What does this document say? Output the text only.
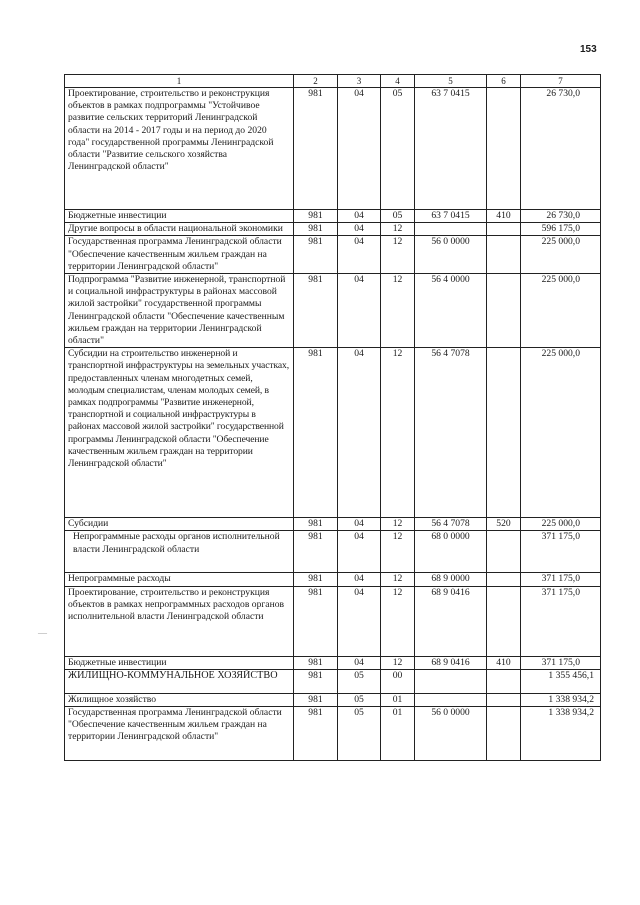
153
—
1	2	3	4	5	6	7
Проектирование, строительство и реконструкция объектов в рамках подпрограммы "Устойчивое развитие сельских территорий Ленинградской области на 2014 - 2017 годы и на период до 2020 года" государственной программы Ленинградской области "Развитие сельского хозяйства Ленинградской области"	981	04	05	63 7 0415		26 730,0
Бюджетные инвестиции	981	04	05	63 7 0415	410	26 730,0
Другие вопросы в области национальной экономики	981	04	12			596 175,0
Государственная программа Ленинградской области "Обеспечение качественным жильем граждан на территории Ленинградской области"	981	04	12	56 0 0000		225 000,0
Подпрограмма "Развитие инженерной, транспортной и социальной инфраструктуры в районах массовой жилой застройки" государственной программы Ленинградской области "Обеспечение качественным жильем граждан на территории Ленинградской области"	981	04	12	56 4 0000		225 000,0
Субсидии на строительство инженерной и транспортной инфраструктуры на земельных участках, предоставленных членам многодетных семей, молодым специалистам, членам молодых семей, в рамках подпрограммы "Развитие инженерной, транспортной и социальной инфраструктуры в районах массовой жилой застройки" государственной программы Ленинградской области "Обеспечение качественным жильем граждан на территории Ленинградской области"	981	04	12	56 4 7078		225 000,0
Субсидии	981	04	12	56 4 7078	520	225 000,0
Непрограммные расходы органов исполнительной власти Ленинградской области	981	04	12	68 0 0000		371 175,0
Непрограммные расходы	981	04	12	68 9 0000		371 175,0
Проектирование, строительство и реконструкция объектов в рамках непрограммных расходов органов исполнительной власти Ленинградской области	981	04	12	68 9 0416		371 175,0
Бюджетные инвестиции	981	04	12	68 9 0416	410	371 175,0
ЖИЛИЩНО-КОММУНАЛЬНОЕ ХОЗЯЙСТВО	981	05	00			1 355 456,1
Жилищное хозяйство	981	05	01			1 338 934,2
Государственная программа Ленинградской области "Обеспечение качественным жильем граждан на территории Ленинградской области"	981	05	01	56 0 0000		1 338 934,2
